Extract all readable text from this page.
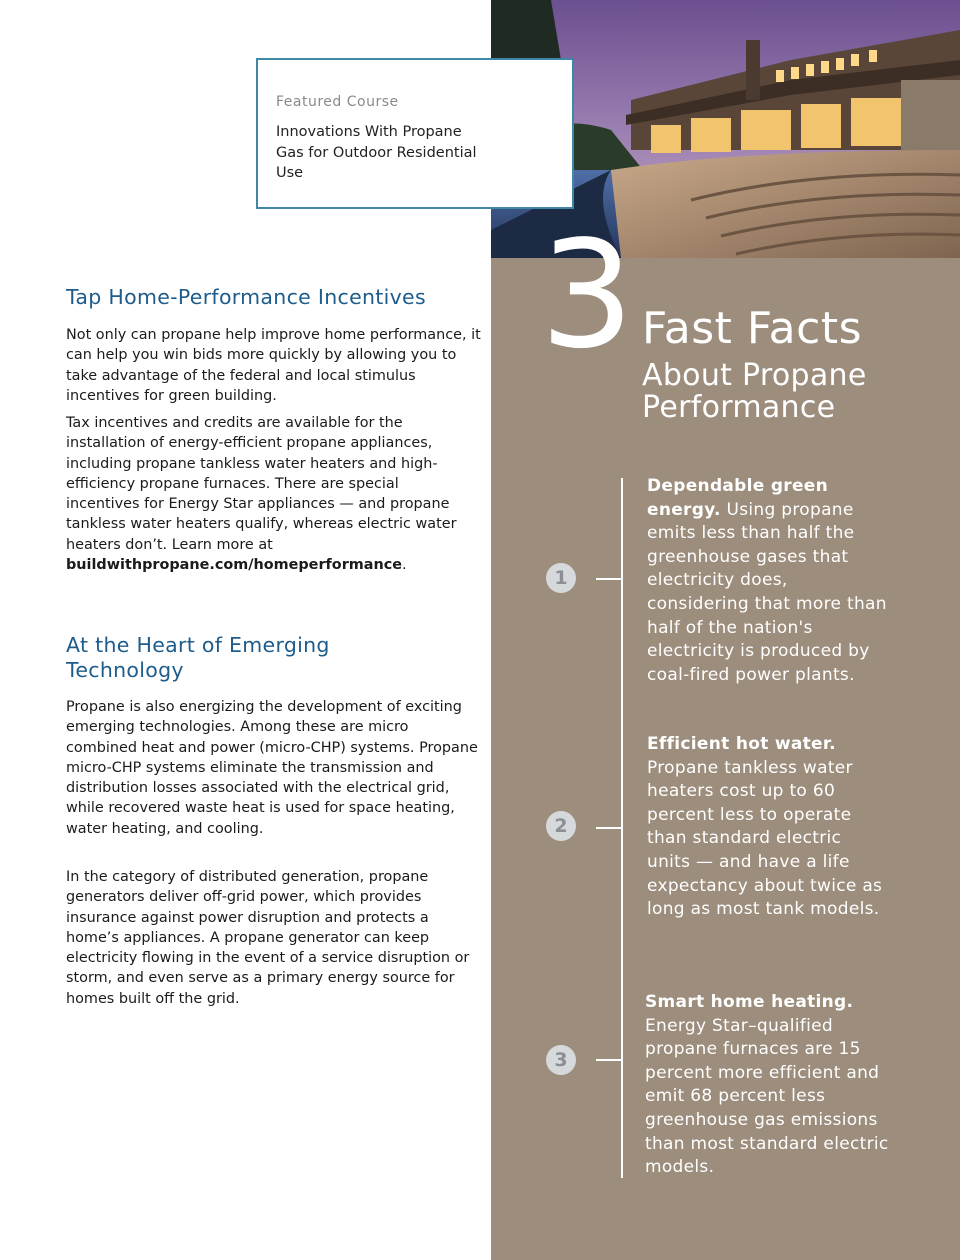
Featured Course
Innovations With Propane Gas for Outdoor Residential Use
Tap Home-Performance Incentives

Not only can propane help improve home performance, it can help you win bids more quickly by allowing you to take advantage of the federal and local stimulus incentives for green building.

Tax incentives and credits are available for the installation of energy-efficient propane appliances, including propane tankless water heaters and high-efficiency propane furnaces. There are special incentives for Energy Star appliances — and propane tankless water heaters qualify, whereas electric water heaters don’t. Learn more at buildwithpropane.com/homeperformance.

At the Heart of Emerging Technology

Propane is also energizing the development of exciting emerging technologies. Among these are micro combined heat and power (micro-CHP) systems. Propane micro-CHP systems eliminate the transmission and distribution losses associated with the electrical grid, while recovered waste heat is used for space heating, water heating, and cooling.

In the category of distributed generation, propane generators deliver off-grid power, which provides insurance against power disruption and protects a home’s appliances. A propane generator can keep electricity flowing in the event of a service disruption or storm, and even serve as a primary energy source for homes built off the grid.

3 Fast Facts
About Propane Performance
1
2
3

Dependable green energy. Using propane emits less than half the greenhouse gases that electricity does, considering that more than half of the nation's electricity is produced by coal-fired power plants.

Efficient hot water. Propane tankless water heaters cost up to 60 percent less to operate than standard electric units — and have a life expectancy about twice as long as most tank models.

Smart home heating. Energy Star–qualified propane furnaces are 15 percent more efficient and emit 68 percent less greenhouse gas emissions than most standard electric models.
